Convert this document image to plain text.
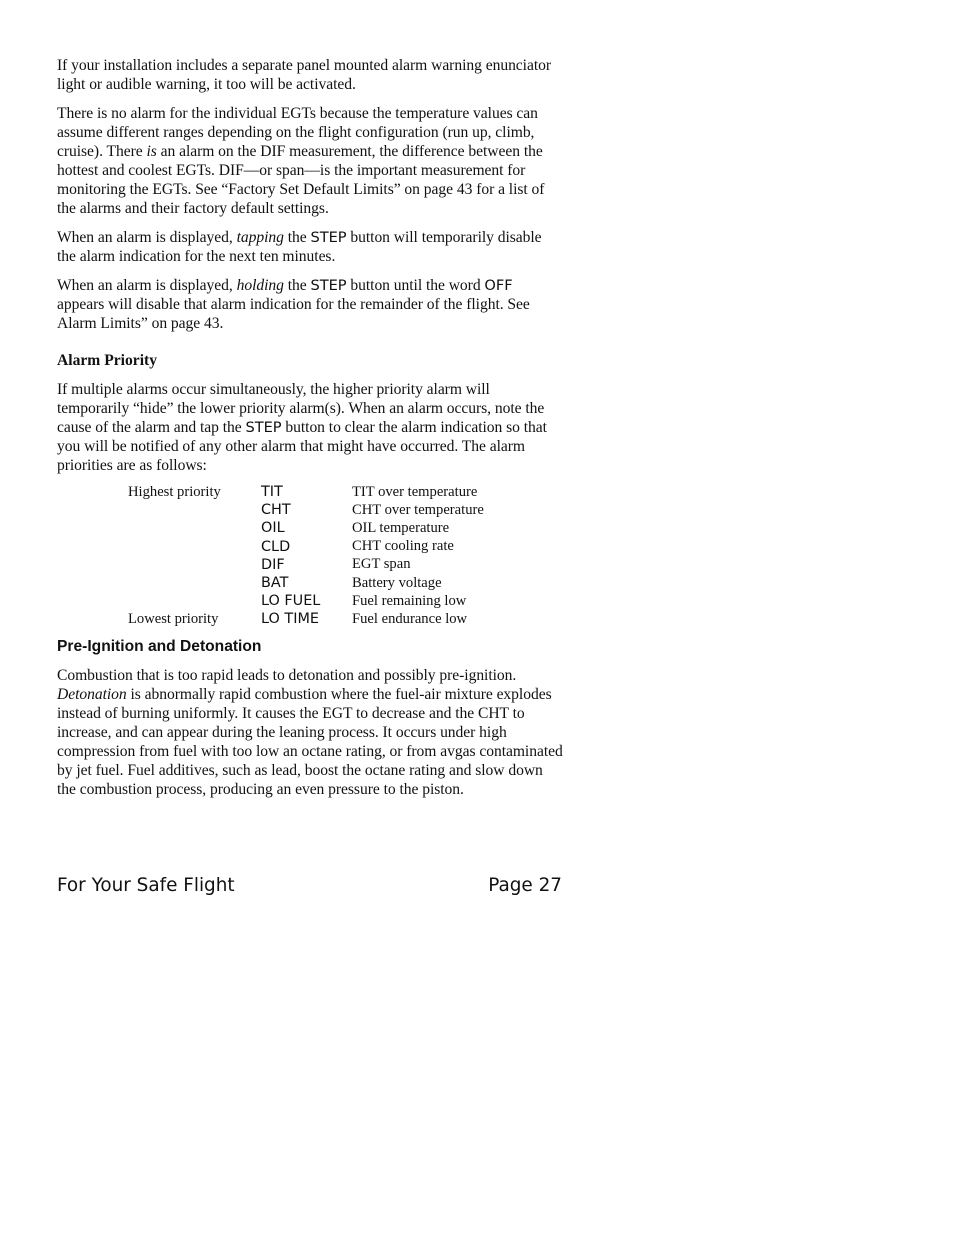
If your installation includes a separate panel mounted alarm warning enunciator light or audible warning, it too will be activated.

There is no alarm for the individual EGTs because the temperature values can assume different ranges depending on the flight configuration (run up, climb, cruise). There is an alarm on the DIF measurement, the difference between the hottest and coolest EGTs. DIF—or span—is the important measurement for monitoring the EGTs. See “Factory Set Default Limits” on page 43 for a list of the alarms and their factory default settings.

When an alarm is displayed, tapping the STEP button will temporarily disable the alarm indication for the next ten minutes.

When an alarm is displayed, holding the STEP button until the word OFF appears will disable that alarm indication for the remainder of the flight. See Alarm Limits” on page 43.

Alarm Priority

If multiple alarms occur simultaneously, the higher priority alarm will temporarily “hide” the lower priority alarm(s). When an alarm occurs, note the cause of the alarm and tap the STEP button to clear the alarm indication so that you will be notified of any other alarm that might have occurred. The alarm priorities are as follows:

Highest priority	TIT	TIT over temperature
	CHT	CHT over temperature
	OIL	OIL temperature
	CLD	CHT cooling rate
	DIF	EGT span
	BAT	Battery voltage
	LO FUEL	Fuel remaining low
Lowest priority	LO TIME	Fuel endurance low
Pre-Ignition and Detonation

Combustion that is too rapid leads to detonation and possibly pre-ignition. Detonation is abnormally rapid combustion where the fuel-air mixture explodes instead of burning uniformly. It causes the EGT to decrease and the CHT to increase, and can appear during the leaning process. It occurs under high compression from fuel with too low an octane rating, or from avgas contaminated by jet fuel. Fuel additives, such as lead, boost the octane rating and slow down the combustion process, producing an even pressure to the piston.

For Your Safe Flight	Page 27
